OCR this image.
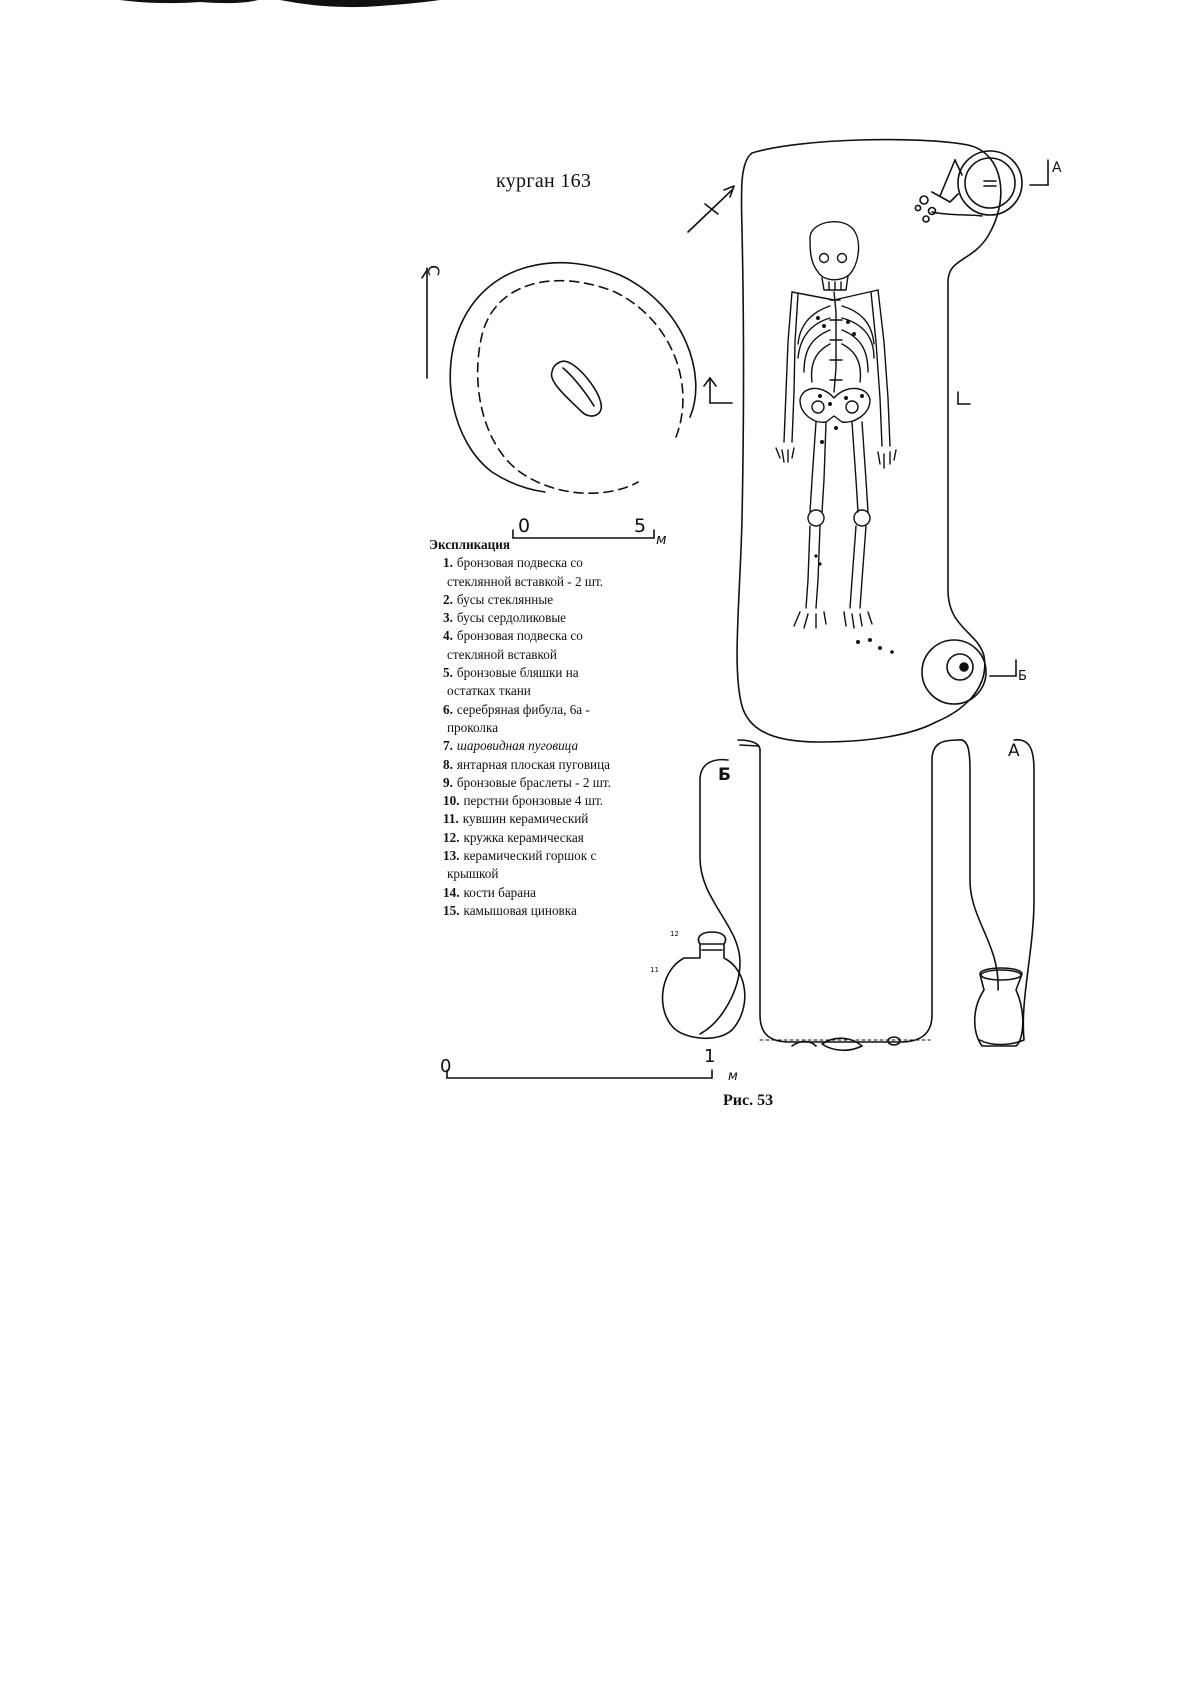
курган 163
С
0	5
м
А
Б
Б
А
12
11
0	1
м
Экспликация
1. бронзовая подвеска со
стеклянной вставкой - 2 шт.
2. бусы стеклянные
3. бусы сердоликовые
4. бронзовая подвеска со
стекляной вставкой
5. бронзовые бляшки на
остатках ткани
6. серебряная фибула, 6а -
проколка
7. шаровидная пуговица
8. янтарная плоская пуговица
9. бронзовые браслеты - 2 шт.
10. перстни бронзовые 4 шт.
11. кувшин керамический
12. кружка керамическая
13. керамический горшок с
крышкой
14. кости барана
15. камышовая циновка
Рис. 53
